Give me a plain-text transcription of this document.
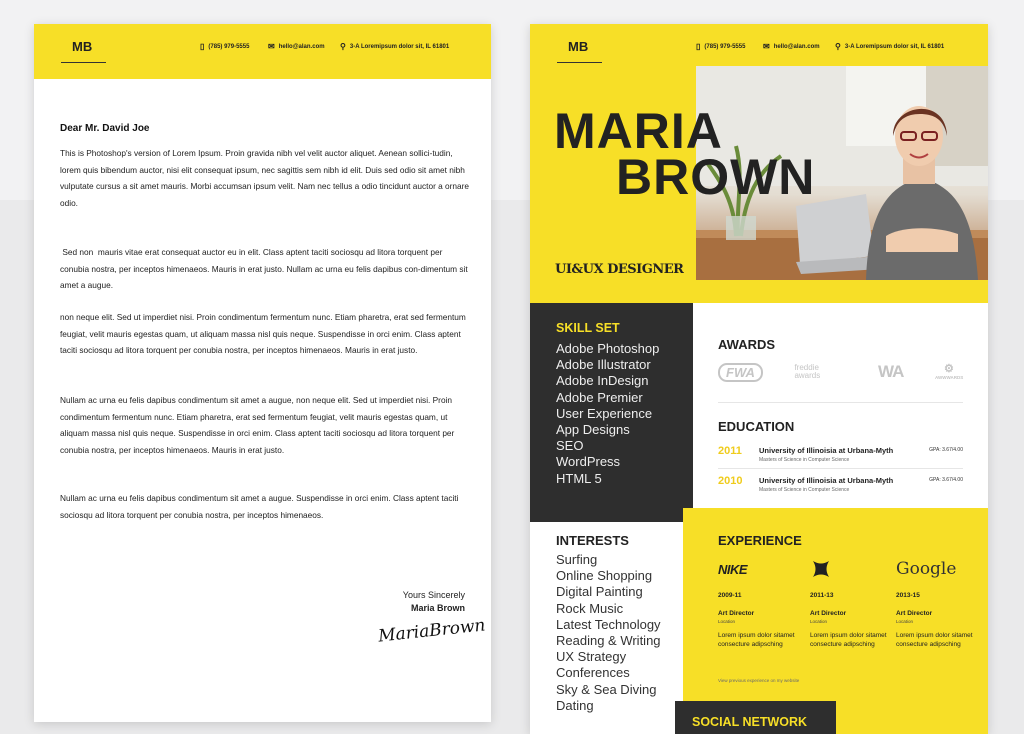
MB	▯ (785) 979-5555 ✉ hello@alan.com ⚲ 3-A Loremipsum dolor sit, IL 61801
Dear Mr. David Joe
This is Photoshop's version of Lorem Ipsum. Proin gravida nibh vel velit auctor aliquet. Aenean sollici-tudin, lorem quis bibendum auctor, nisi elit consequat ipsum, nec sagittis sem nibh id elit. Duis sed odio sit amet nibh vulputate cursus a sit amet mauris. Morbi accumsan ipsum velit. Nam nec tellus a odio tincidunt auctor a ornare odio.
Sed non  mauris vitae erat consequat auctor eu in elit. Class aptent taciti sociosqu ad litora torquent per conubia nostra, per inceptos himenaeos. Mauris in erat justo. Nullam ac urna eu felis dapibus con-dimentum sit amet a augue.
non neque elit. Sed ut imperdiet nisi. Proin condimentum fermentum nunc. Etiam pharetra, erat sed fermentum feugiat, velit mauris egestas quam, ut aliquam massa nisl quis neque. Suspendisse in orci enim. Class aptent taciti sociosqu ad litora torquent per conubia nostra, per inceptos himenaeos. Mauris in erat justo.
Nullam ac urna eu felis dapibus condimentum sit amet a augue, non neque elit. Sed ut imperdiet nisi. Proin condimentum fermentum nunc. Etiam pharetra, erat sed fermentum feugiat, velit mauris egestas quam, ut aliquam massa nisl quis neque. Suspendisse in orci enim. Class aptent taciti sociosqu ad litora torquent per conubia nostra, per inceptos himenaeos. Mauris in erat justo.
Nullam ac urna eu felis dapibus condimentum sit amet a augue. Suspendisse in orci enim. Class aptent taciti sociosqu ad litora torquent per conubia nostra, per inceptos himenaeos.
Yours Sincerely
Maria Brown
MariaBrown
MB	▯ (785) 979-5555 ✉ hello@alan.com ⚲ 3-A Loremipsum dolor sit, IL 61801
MARIA
BROWN
UI&UX DESIGNER
SKILL SET
Adobe Photoshop
Adobe Illustrator
Adobe InDesign
Adobe Premier
User Experience
App Designs
SEO
WordPress
HTML 5
AWARDS
FWA	freddie awards	WA	⚙
AWWWARDS
EDUCATION
2011 University of Illinoisia at Urbana-Myth
Masters of Science in Computer Science
GPA: 3.67/4.00
2010 University of Illinoisia at Urbana-Myth
Masters of Science in Computer Science
GPA: 3.67/4.00
EXPERIENCE
NIKE
2009-11
Art Director
Location
Lorem ipsum dolor sitamet consecture adipsching
2011-13
Art Director
Location
Lorem ipsum dolor sitamet consecture adipsching
Google
2013-15
Art Director
Location
Lorem ipsum dolor sitamet consecture adipsching
View previous experience on my website
INTERESTS
Surfing
Online Shopping
Digital Painting
Rock Music
Latest Technology
Reading & Writing
UX Strategy
Conferences
Sky & Sea Diving
Dating
SOCIAL NETWORK
